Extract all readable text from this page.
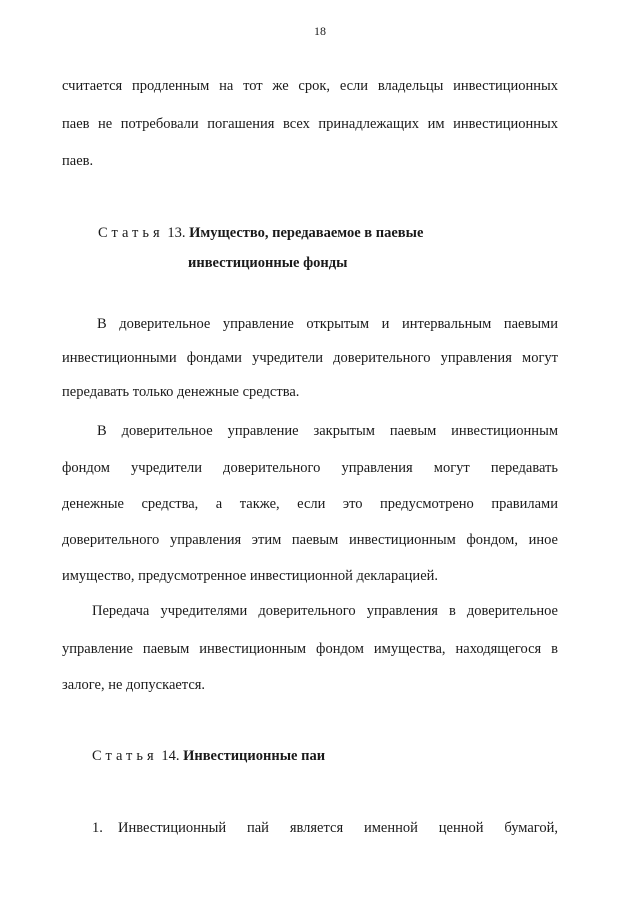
18
считается продленным на тот же срок, если владельцы инвестиционных
паев не потребовали погашения всех принадлежащих им инвестиционных
паев.
Статья 13. Имущество, передаваемое в паевые
инвестиционные фонды
В доверительное управление открытым и интервальным паевыми
инвестиционными фондами учредители доверительного управления могут
передавать только денежные средства.
В доверительное управление закрытым паевым инвестиционным
фондом учредители доверительного управления могут передавать
денежные средства, а также, если это предусмотрено правилами
доверительного управления этим паевым инвестиционным фондом, иное
имущество, предусмотренное инвестиционной декларацией.
Передача учредителями доверительного управления в доверительное
управление паевым инвестиционным фондом имущества, находящегося в
залоге, не допускается.
Статья 14. Инвестиционные паи
1.	Инвестиционный пай является именной ценной бумагой,
